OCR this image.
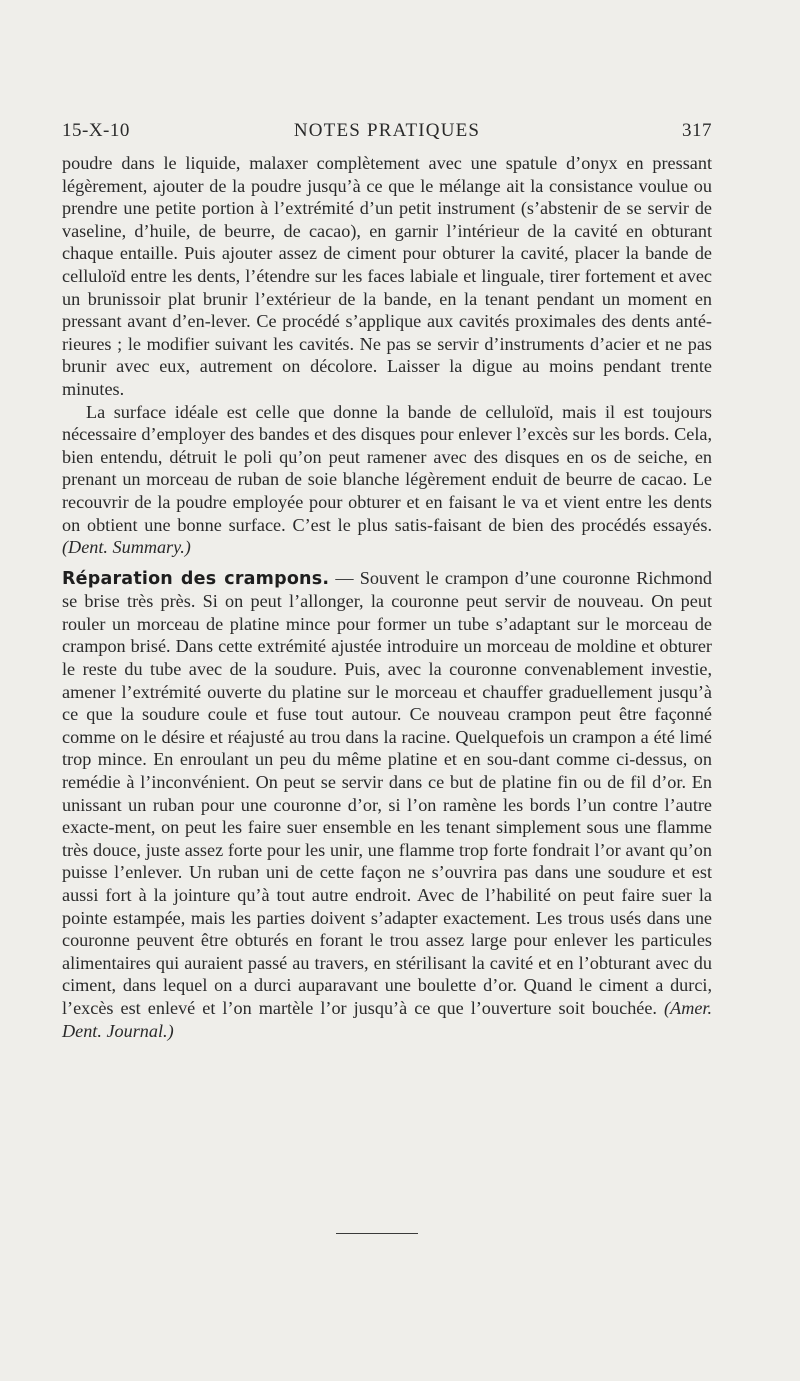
15-X-10	NOTES PRATIQUES	317

poudre dans le liquide, malaxer complètement avec une spatule d’onyx en pressant légèrement, ajouter de la poudre jusqu’à ce que le mélange ait la consistance voulue ou prendre une petite portion à l’extrémité d’un petit instrument (s’abstenir de se servir de vaseline, d’huile, de beurre, de cacao), en garnir l’intérieur de la cavité en obturant chaque entaille. Puis ajouter assez de ciment pour obturer la cavité, placer la bande de celluloïd entre les dents, l’étendre sur les faces labiale et linguale, tirer fortement et avec un brunissoir plat brunir l’extérieur de la bande, en la tenant pendant un moment en pressant avant d’en-lever. Ce procédé s’applique aux cavités proximales des dents anté-rieures ; le modifier suivant les cavités. Ne pas se servir d’instruments d’acier et ne pas brunir avec eux, autrement on décolore. Laisser la digue au moins pendant trente minutes.

La surface idéale est celle que donne la bande de celluloïd, mais il est toujours nécessaire d’employer des bandes et des disques pour enlever l’excès sur les bords. Cela, bien entendu, détruit le poli qu’on peut ramener avec des disques en os de seiche, en prenant un morceau de ruban de soie blanche légèrement enduit de beurre de cacao. Le recouvrir de la poudre employée pour obturer et en faisant le va et vient entre les dents on obtient une bonne surface. C’est le plus satis-faisant de bien des procédés essayés. (Dent. Summary.)

Réparation des crampons. — Souvent le crampon d’une couronne Richmond se brise très près. Si on peut l’allonger, la couronne peut servir de nouveau. On peut rouler un morceau de platine mince pour former un tube s’adaptant sur le morceau de crampon brisé. Dans cette extrémité ajustée introduire un morceau de moldine et obturer le reste du tube avec de la soudure. Puis, avec la couronne convenablement investie, amener l’extrémité ouverte du platine sur le morceau et chauffer graduellement jusqu’à ce que la soudure coule et fuse tout autour. Ce nouveau crampon peut être façonné comme on le désire et réajusté au trou dans la racine. Quelquefois un crampon a été limé trop mince. En enroulant un peu du même platine et en sou-dant comme ci-dessus, on remédie à l’inconvénient. On peut se servir dans ce but de platine fin ou de fil d’or. En unissant un ruban pour une couronne d’or, si l’on ramène les bords l’un contre l’autre exacte-ment, on peut les faire suer ensemble en les tenant simplement sous une flamme très douce, juste assez forte pour les unir, une flamme trop forte fondrait l’or avant qu’on puisse l’enlever. Un ruban uni de cette façon ne s’ouvrira pas dans une soudure et est aussi fort à la jointure qu’à tout autre endroit. Avec de l’habilité on peut faire suer la pointe estampée, mais les parties doivent s’adapter exactement. Les trous usés dans une couronne peuvent être obturés en forant le trou assez large pour enlever les particules alimentaires qui auraient passé au travers, en stérilisant la cavité et en l’obturant avec du ciment, dans lequel on a durci auparavant une boulette d’or. Quand le ciment a durci, l’excès est enlevé et l’on martèle l’or jusqu’à ce que l’ouverture soit bouchée. (Amer. Dent. Journal.)
